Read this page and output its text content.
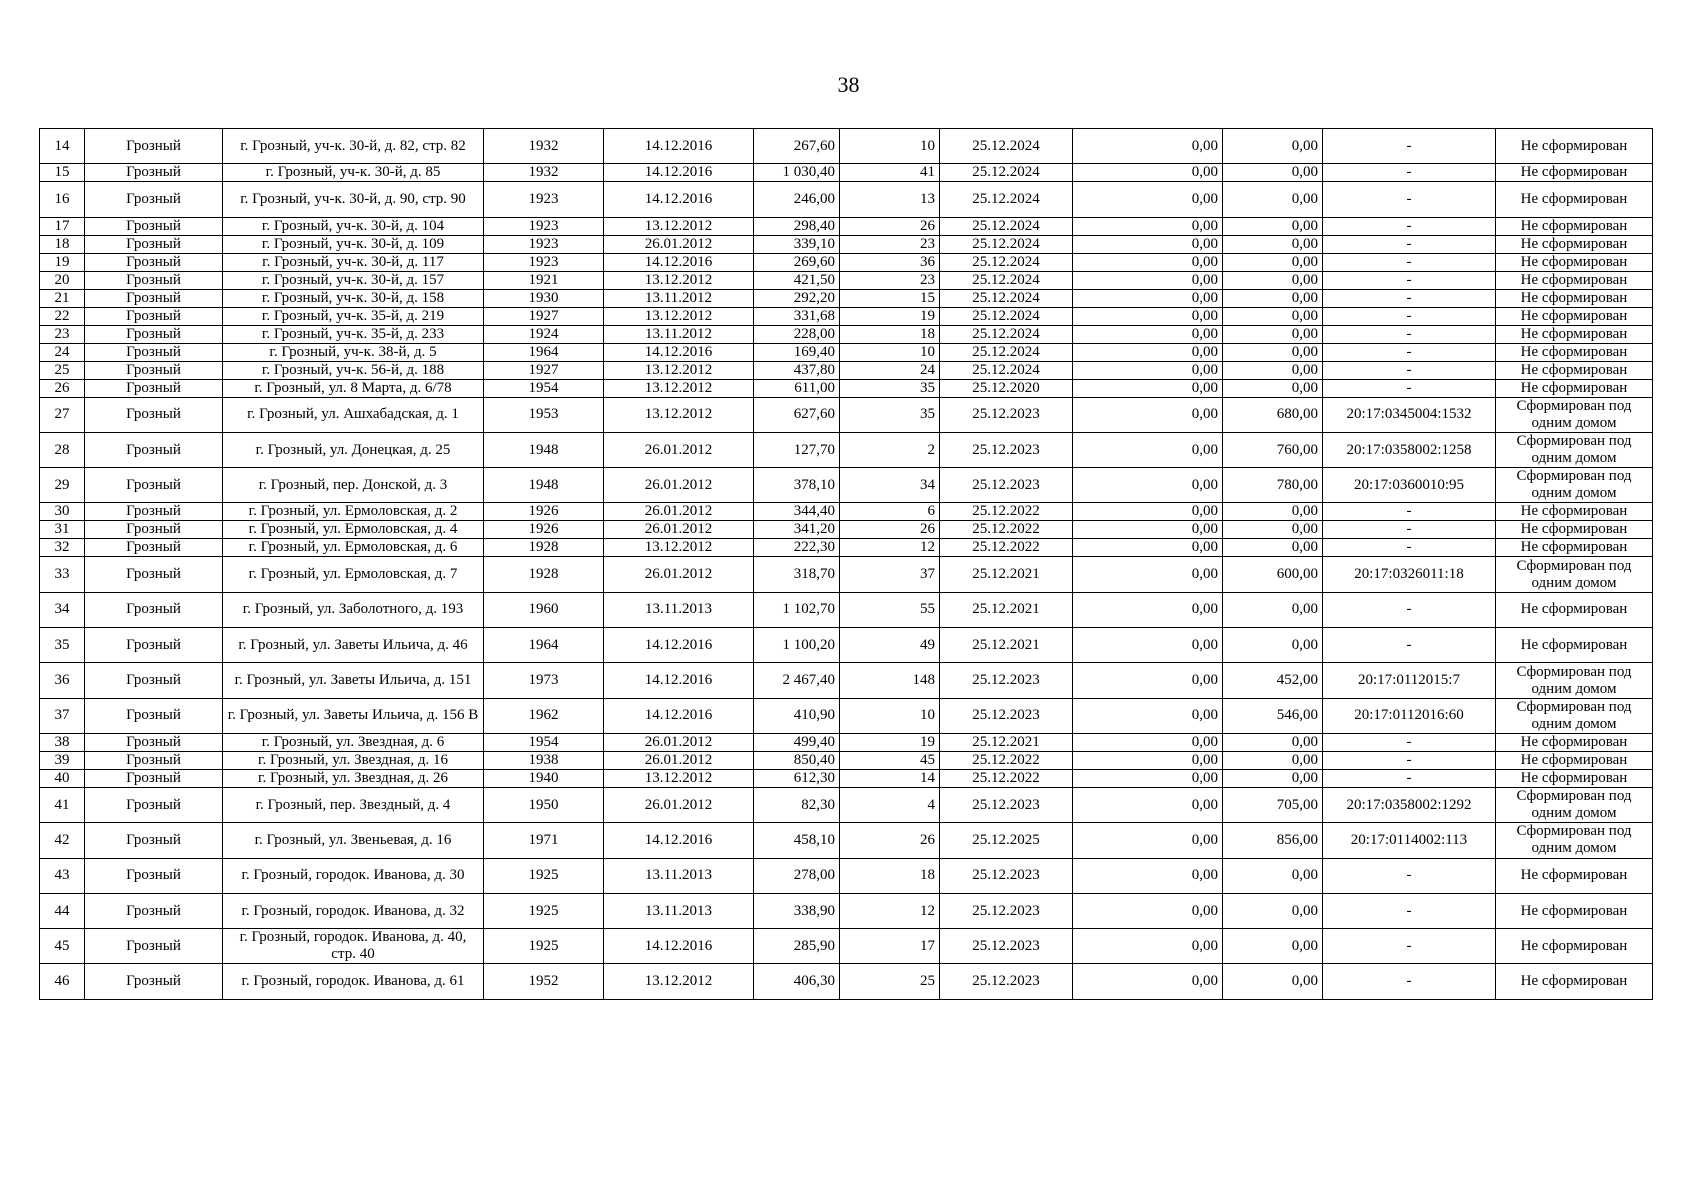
38
14	Грозный	г. Грозный, уч-к. 30-й, д. 82, стр. 82	1932	14.12.2016	267,60	10	25.12.2024	0,00	0,00	-	Не сформирован
15	Грозный	г. Грозный, уч-к. 30-й, д. 85	1932	14.12.2016	1 030,40	41	25.12.2024	0,00	0,00	-	Не сформирован
16	Грозный	г. Грозный, уч-к. 30-й, д. 90, стр. 90	1923	14.12.2016	246,00	13	25.12.2024	0,00	0,00	-	Не сформирован
17	Грозный	г. Грозный, уч-к. 30-й, д. 104	1923	13.12.2012	298,40	26	25.12.2024	0,00	0,00	-	Не сформирован
18	Грозный	г. Грозный, уч-к. 30-й, д. 109	1923	26.01.2012	339,10	23	25.12.2024	0,00	0,00	-	Не сформирован
19	Грозный	г. Грозный, уч-к. 30-й, д. 117	1923	14.12.2016	269,60	36	25.12.2024	0,00	0,00	-	Не сформирован
20	Грозный	г. Грозный, уч-к. 30-й, д. 157	1921	13.12.2012	421,50	23	25.12.2024	0,00	0,00	-	Не сформирован
21	Грозный	г. Грозный, уч-к. 30-й, д. 158	1930	13.11.2012	292,20	15	25.12.2024	0,00	0,00	-	Не сформирован
22	Грозный	г. Грозный, уч-к. 35-й, д. 219	1927	13.12.2012	331,68	19	25.12.2024	0,00	0,00	-	Не сформирован
23	Грозный	г. Грозный, уч-к. 35-й, д. 233	1924	13.11.2012	228,00	18	25.12.2024	0,00	0,00	-	Не сформирован
24	Грозный	г. Грозный, уч-к. 38-й, д. 5	1964	14.12.2016	169,40	10	25.12.2024	0,00	0,00	-	Не сформирован
25	Грозный	г. Грозный, уч-к. 56-й, д. 188	1927	13.12.2012	437,80	24	25.12.2024	0,00	0,00	-	Не сформирован
26	Грозный	г. Грозный, ул. 8 Марта, д. 6/78	1954	13.12.2012	611,00	35	25.12.2020	0,00	0,00	-	Не сформирован
27	Грозный	г. Грозный, ул. Ашхабадская, д. 1	1953	13.12.2012	627,60	35	25.12.2023	0,00	680,00	20:17:0345004:1532	Сформирован под одним домом
28	Грозный	г. Грозный, ул. Донецкая, д. 25	1948	26.01.2012	127,70	2	25.12.2023	0,00	760,00	20:17:0358002:1258	Сформирован под одним домом
29	Грозный	г. Грозный, пер. Донской, д. 3	1948	26.01.2012	378,10	34	25.12.2023	0,00	780,00	20:17:0360010:95	Сформирован под одним домом
30	Грозный	г. Грозный, ул. Ермоловская, д. 2	1926	26.01.2012	344,40	6	25.12.2022	0,00	0,00	-	Не сформирован
31	Грозный	г. Грозный, ул. Ермоловская, д. 4	1926	26.01.2012	341,20	26	25.12.2022	0,00	0,00	-	Не сформирован
32	Грозный	г. Грозный, ул. Ермоловская, д. 6	1928	13.12.2012	222,30	12	25.12.2022	0,00	0,00	-	Не сформирован
33	Грозный	г. Грозный, ул. Ермоловская, д. 7	1928	26.01.2012	318,70	37	25.12.2021	0,00	600,00	20:17:0326011:18	Сформирован под одним домом
34	Грозный	г. Грозный, ул. Заболотного, д. 193	1960	13.11.2013	1 102,70	55	25.12.2021	0,00	0,00	-	Не сформирован
35	Грозный	г. Грозный, ул. Заветы Ильича, д. 46	1964	14.12.2016	1 100,20	49	25.12.2021	0,00	0,00	-	Не сформирован
36	Грозный	г. Грозный, ул. Заветы Ильича, д. 151	1973	14.12.2016	2 467,40	148	25.12.2023	0,00	452,00	20:17:0112015:7	Сформирован под одним домом
37	Грозный	г. Грозный, ул. Заветы Ильича, д. 156 В	1962	14.12.2016	410,90	10	25.12.2023	0,00	546,00	20:17:0112016:60	Сформирован под одним домом
38	Грозный	г. Грозный, ул. Звездная, д. 6	1954	26.01.2012	499,40	19	25.12.2021	0,00	0,00	-	Не сформирован
39	Грозный	г. Грозный, ул. Звездная, д. 16	1938	26.01.2012	850,40	45	25.12.2022	0,00	0,00	-	Не сформирован
40	Грозный	г. Грозный, ул. Звездная, д. 26	1940	13.12.2012	612,30	14	25.12.2022	0,00	0,00	-	Не сформирован
41	Грозный	г. Грозный, пер. Звездный, д. 4	1950	26.01.2012	82,30	4	25.12.2023	0,00	705,00	20:17:0358002:1292	Сформирован под одним домом
42	Грозный	г. Грозный, ул. Звеньевая, д. 16	1971	14.12.2016	458,10	26	25.12.2025	0,00	856,00	20:17:0114002:113	Сформирован под одним домом
43	Грозный	г. Грозный, городок. Иванова, д. 30	1925	13.11.2013	278,00	18	25.12.2023	0,00	0,00	-	Не сформирован
44	Грозный	г. Грозный, городок. Иванова, д. 32	1925	13.11.2013	338,90	12	25.12.2023	0,00	0,00	-	Не сформирован
45	Грозный	г. Грозный, городок. Иванова, д. 40, стр. 40	1925	14.12.2016	285,90	17	25.12.2023	0,00	0,00	-	Не сформирован
46	Грозный	г. Грозный, городок. Иванова, д. 61	1952	13.12.2012	406,30	25	25.12.2023	0,00	0,00	-	Не сформирован
